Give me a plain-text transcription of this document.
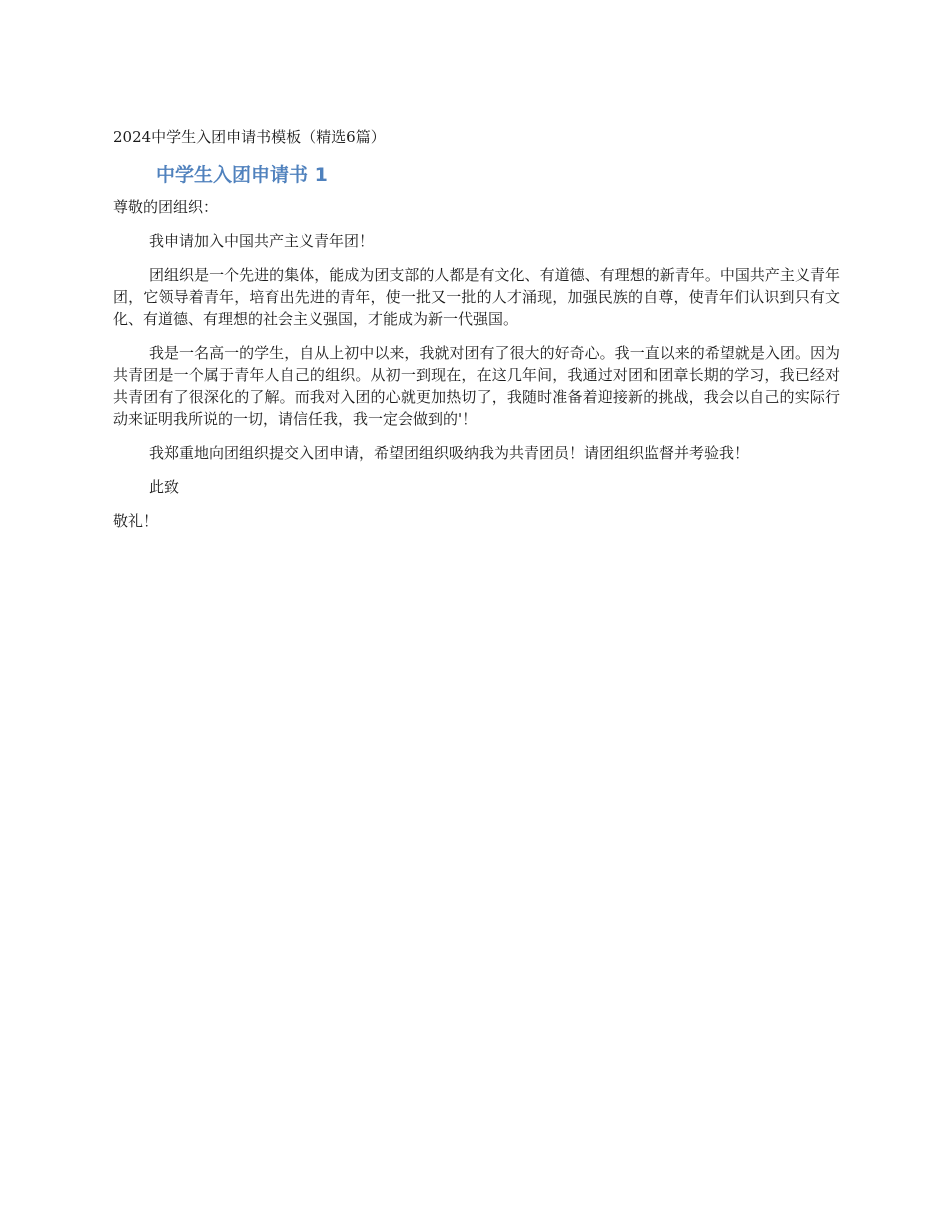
2024中学生入团申请书模板（精选6篇）
中学生入团申请书 1

尊敬的团组织：

我申请加入中国共产主义青年团！

团组织是一个先进的集体，能成为团支部的人都是有文化、有道德、有理想的新青年。中国共产主义青年团，它领导着青年，培育出先进的青年，使一批又一批的人才涌现，加强民族的自尊，使青年们认识到只有文化、有道德、有理想的社会主义强国，才能成为新一代强国。

我是一名高一的学生，自从上初中以来，我就对团有了很大的好奇心。我一直以来的希望就是入团。因为共青团是一个属于青年人自己的组织。从初一到现在，在这几年间，我通过对团和团章长期的学习，我已经对共青团有了很深化的了解。而我对入团的心就更加热切了，我随时准备着迎接新的挑战，我会以自己的实际行动来证明我所说的一切，请信任我，我一定会做到的'！

我郑重地向团组织提交入团申请，希望团组织吸纳我为共青团员！请团组织监督并考验我！

此致

敬礼！
